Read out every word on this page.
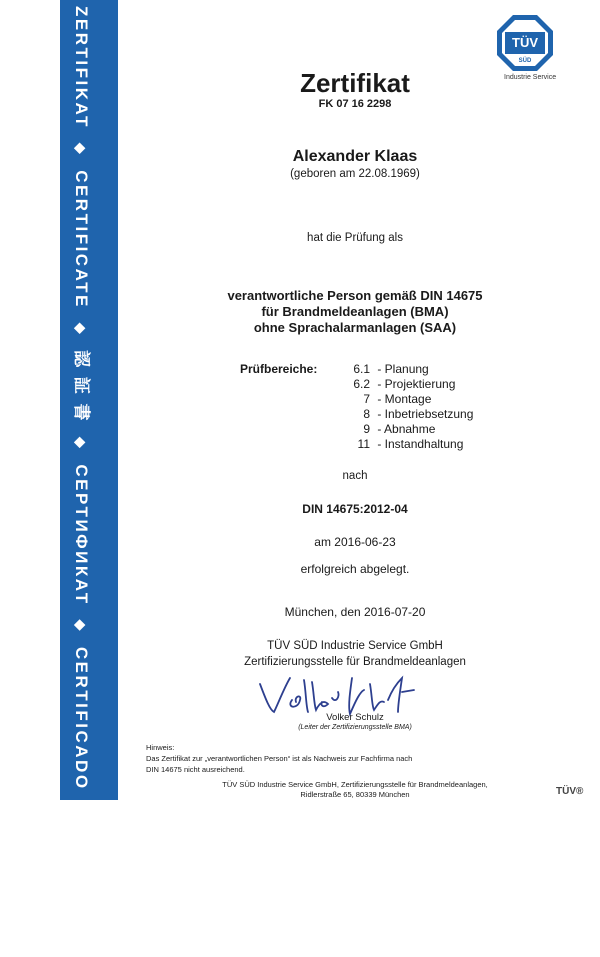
ZERTIFIKAT◆CERTIFICATE◆認 証 書◆СЕРТИФИКАТ◆CERTIFICADO◆CERTIFICAT
TÜV
SÜD
Industrie Service
Zertifikat
FK 07 16 2298
Alexander Klaas
(geboren am 22.08.1969)
hat die Prüfung als
verantwortliche Person gemäß DIN 14675
für Brandmeldeanlagen (BMA)
ohne Sprachalarmanlagen (SAA)
Prüfbereiche:	6.1 - Planung
6.2 - Projektierung
7 - Montage
8 - Inbetriebsetzung
9 - Abnahme
11 - Instandhaltung
nach
DIN 14675:2012-04
am 2016-06-23
erfolgreich abgelegt.
München, den 2016-07-20
TÜV SÜD Industrie Service GmbH
Zertifizierungsstelle für Brandmeldeanlagen
Volker Schulz
(Leiter der Zertifizierungsstelle BMA)
Hinweis:
Das Zertifikat zur „verantwortlichen Person“ ist als Nachweis zur Fachfirma nach
DIN 14675 nicht ausreichend.
TÜV SÜD Industrie Service GmbH, Zertifizierungsstelle für Brandmeldeanlagen,
Ridlerstraße 65, 80339 München	TÜV®
